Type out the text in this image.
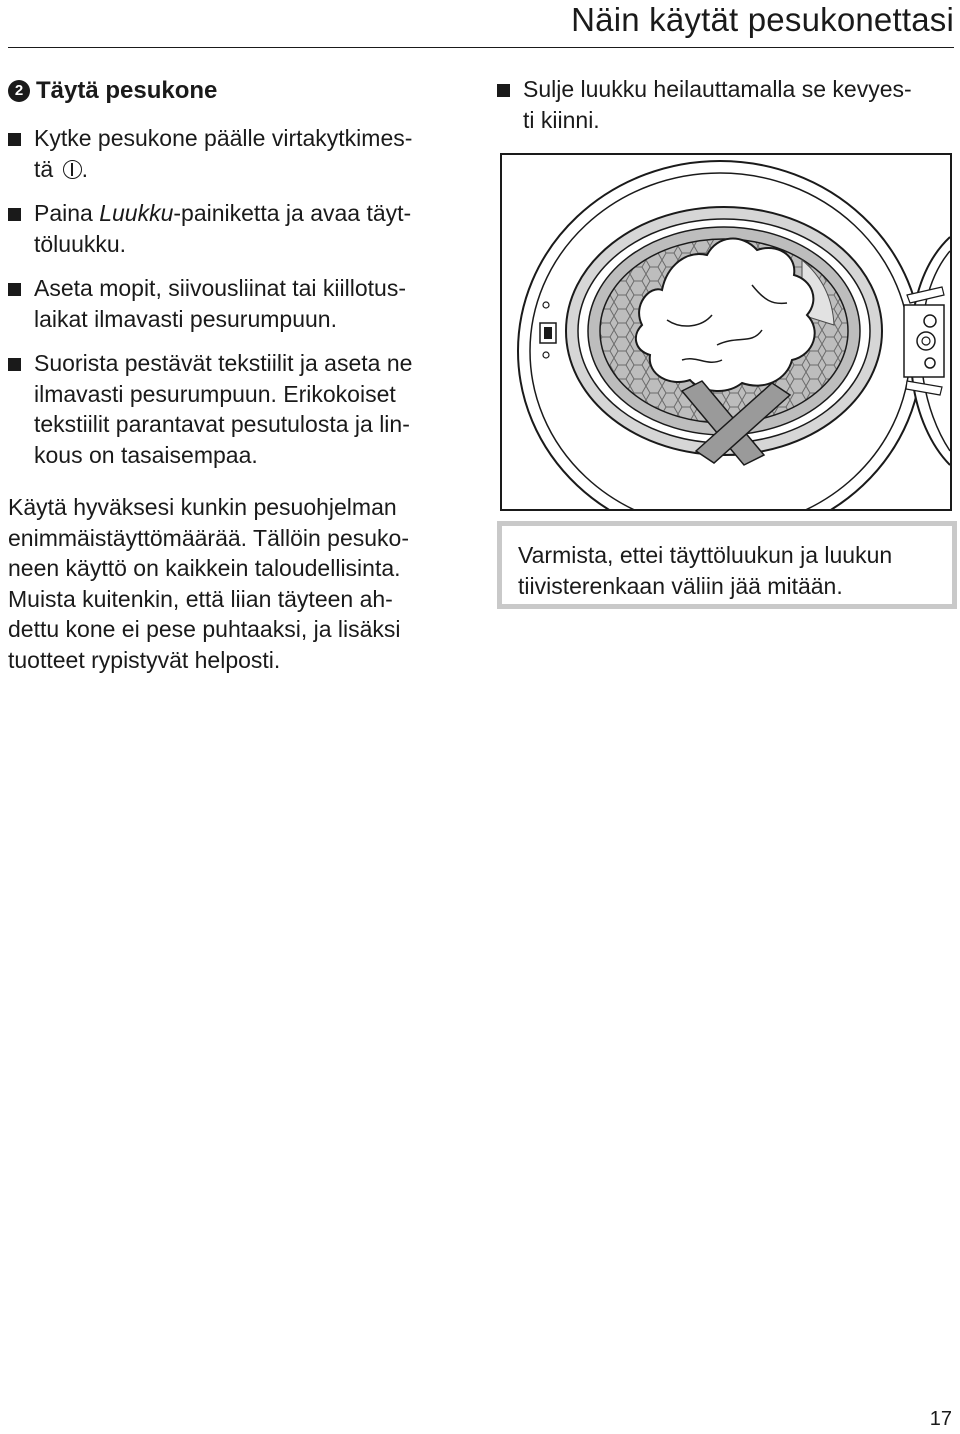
Näin käytät pesukonettasi
2 Täytä pesukone
Kytke pesukone päälle virtakytkimes-
tä .
Paina Luukku-painiketta ja avaa täyt-
töluukku.
Aseta mopit, siivousliinat tai kiillotus-
laikat ilmavasti pesurumpuun.
Suorista pestävät tekstiilit ja aseta ne
ilmavasti pesurumpuun. Erikokoiset
tekstiilit parantavat pesutulosta ja lin-
kous on tasaisempaa.
Käytä hyväksesi kunkin pesuohjelman
enimmäistäyttömäärää. Tällöin pesuko-
neen käyttö on kaikkein taloudellisinta.
Muista kuitenkin, että liian täyteen ah-
dettu kone ei pese puhtaaksi, ja lisäksi
tuotteet rypistyvät helposti.
Sulje luukku heilauttamalla se kevyes-
ti kiinni.
Varmista, ettei täyttöluukun ja luukun
tiivisterenkaan väliin jää mitään.
17
